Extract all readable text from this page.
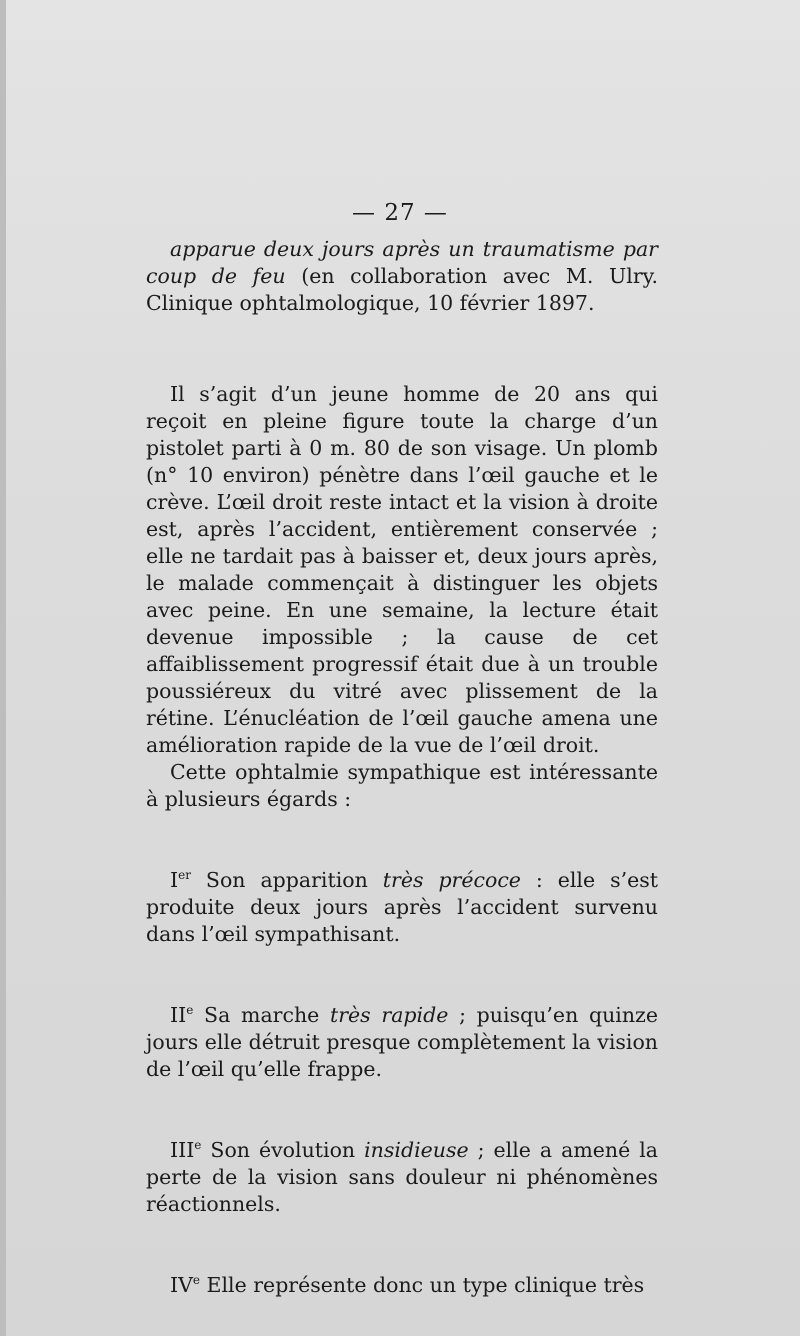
— 27 —

apparue deux jours après un traumatisme par coup de feu (en collaboration avec M. Ulry. Clinique ophtalmologique, 10 février 1897.

Il s’agit d’un jeune homme de 20 ans qui reçoit en pleine figure toute la charge d’un pistolet parti à 0 m. 80 de son visage. Un plomb (n° 10 environ) pénètre dans l’œil gauche et le crève. L’œil droit reste intact et la vision à droite est, après l’accident, entièrement conservée ; elle ne tardait pas à baisser et, deux jours après, le malade commençait à distinguer les objets avec peine. En une semaine, la lecture était devenue impossible ; la cause de cet affaiblissement progressif était due à un trouble poussiéreux du vitré avec plissement de la rétine. L’énucléation de l’œil gauche amena une amélioration rapide de la vue de l’œil droit.

Cette ophtalmie sympathique est intéressante à plusieurs égards :

Ier Son apparition très précoce : elle s’est produite deux jours après l’accident survenu dans l’œil sympathisant.

IIe Sa marche très rapide ; puisqu’en quinze jours elle détruit presque complètement la vision de l’œil qu’elle frappe.

IIIe Son évolution insidieuse ; elle a amené la perte de la vision sans douleur ni phénomènes réactionnels.

IVe Elle représente donc un type clinique très
